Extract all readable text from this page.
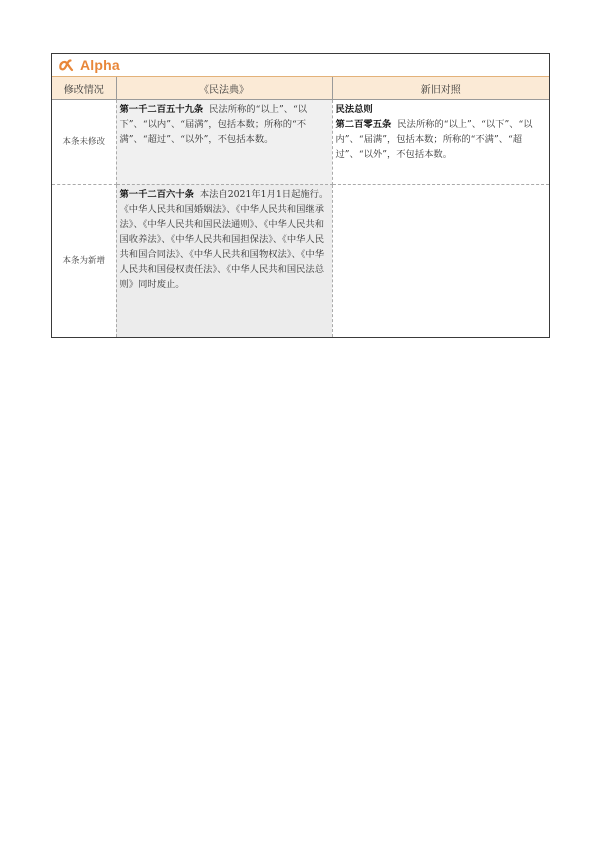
Alpha
修改情况	《民法典》	新旧对照
本条未修改	第一千二百五十九条 民法所称的“以上”、“以下”、“以内”、“届满”，包括本数；所称的“不满”、“超过”、“以外”，不包括本数。	民法总则
第二百零五条 民法所称的“以上”、“以下”、“以内”、“届满”，包括本数；所称的“不满”、“超过”、“以外”，不包括本数。
本条为新增	第一千二百六十条 本法自2021年1月1日起施行。《中华人民共和国婚姻法》、《中华人民共和国继承法》、《中华人民共和国民法通则》、《中华人民共和国收养法》、《中华人民共和国担保法》、《中华人民共和国合同法》、《中华人民共和国物权法》、《中华人民共和国侵权责任法》、《中华人民共和国民法总则》同时废止。	
